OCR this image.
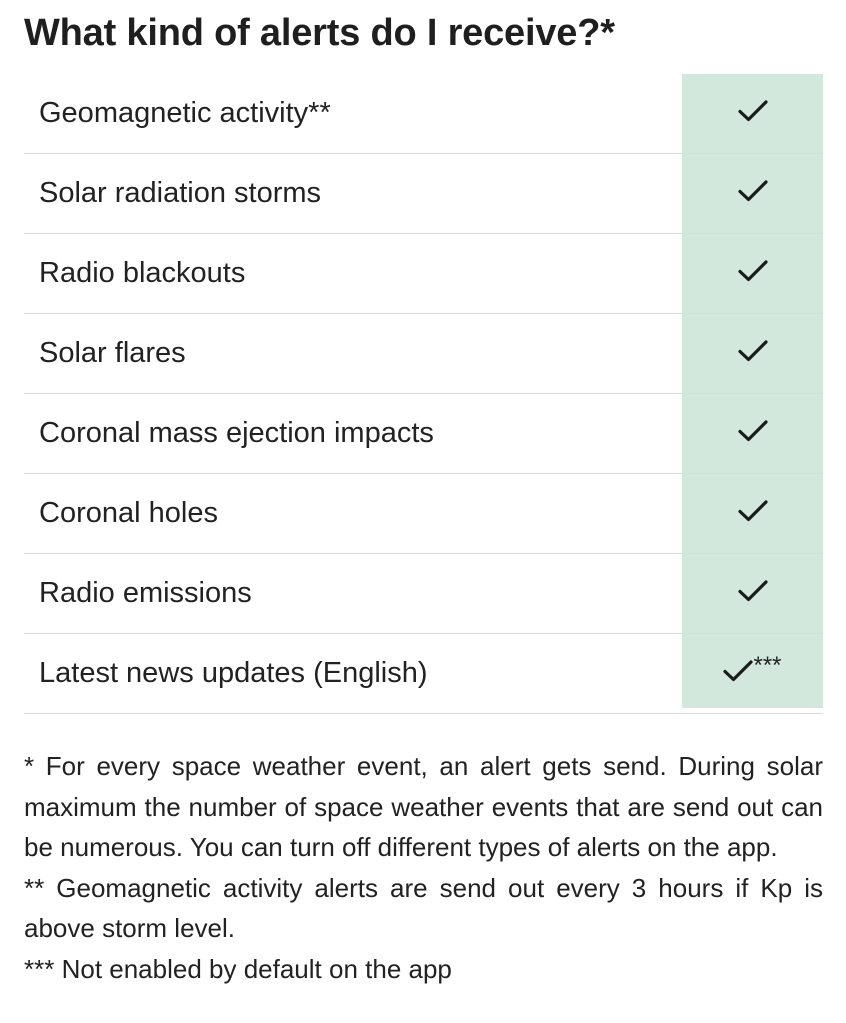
What kind of alerts do I receive?*
Geomagnetic activity**
Solar radiation storms
Radio blackouts
Solar flares
Coronal mass ejection impacts
Coronal holes
Radio emissions
Latest news updates (English)	***

* For every space weather event, an alert gets send. During solar maximum the number of space weather events that are send out can be numerous. You can turn off different types of alerts on the app.

** Geomagnetic activity alerts are send out every 3 hours if Kp is above storm level.

*** Not enabled by default on the app
